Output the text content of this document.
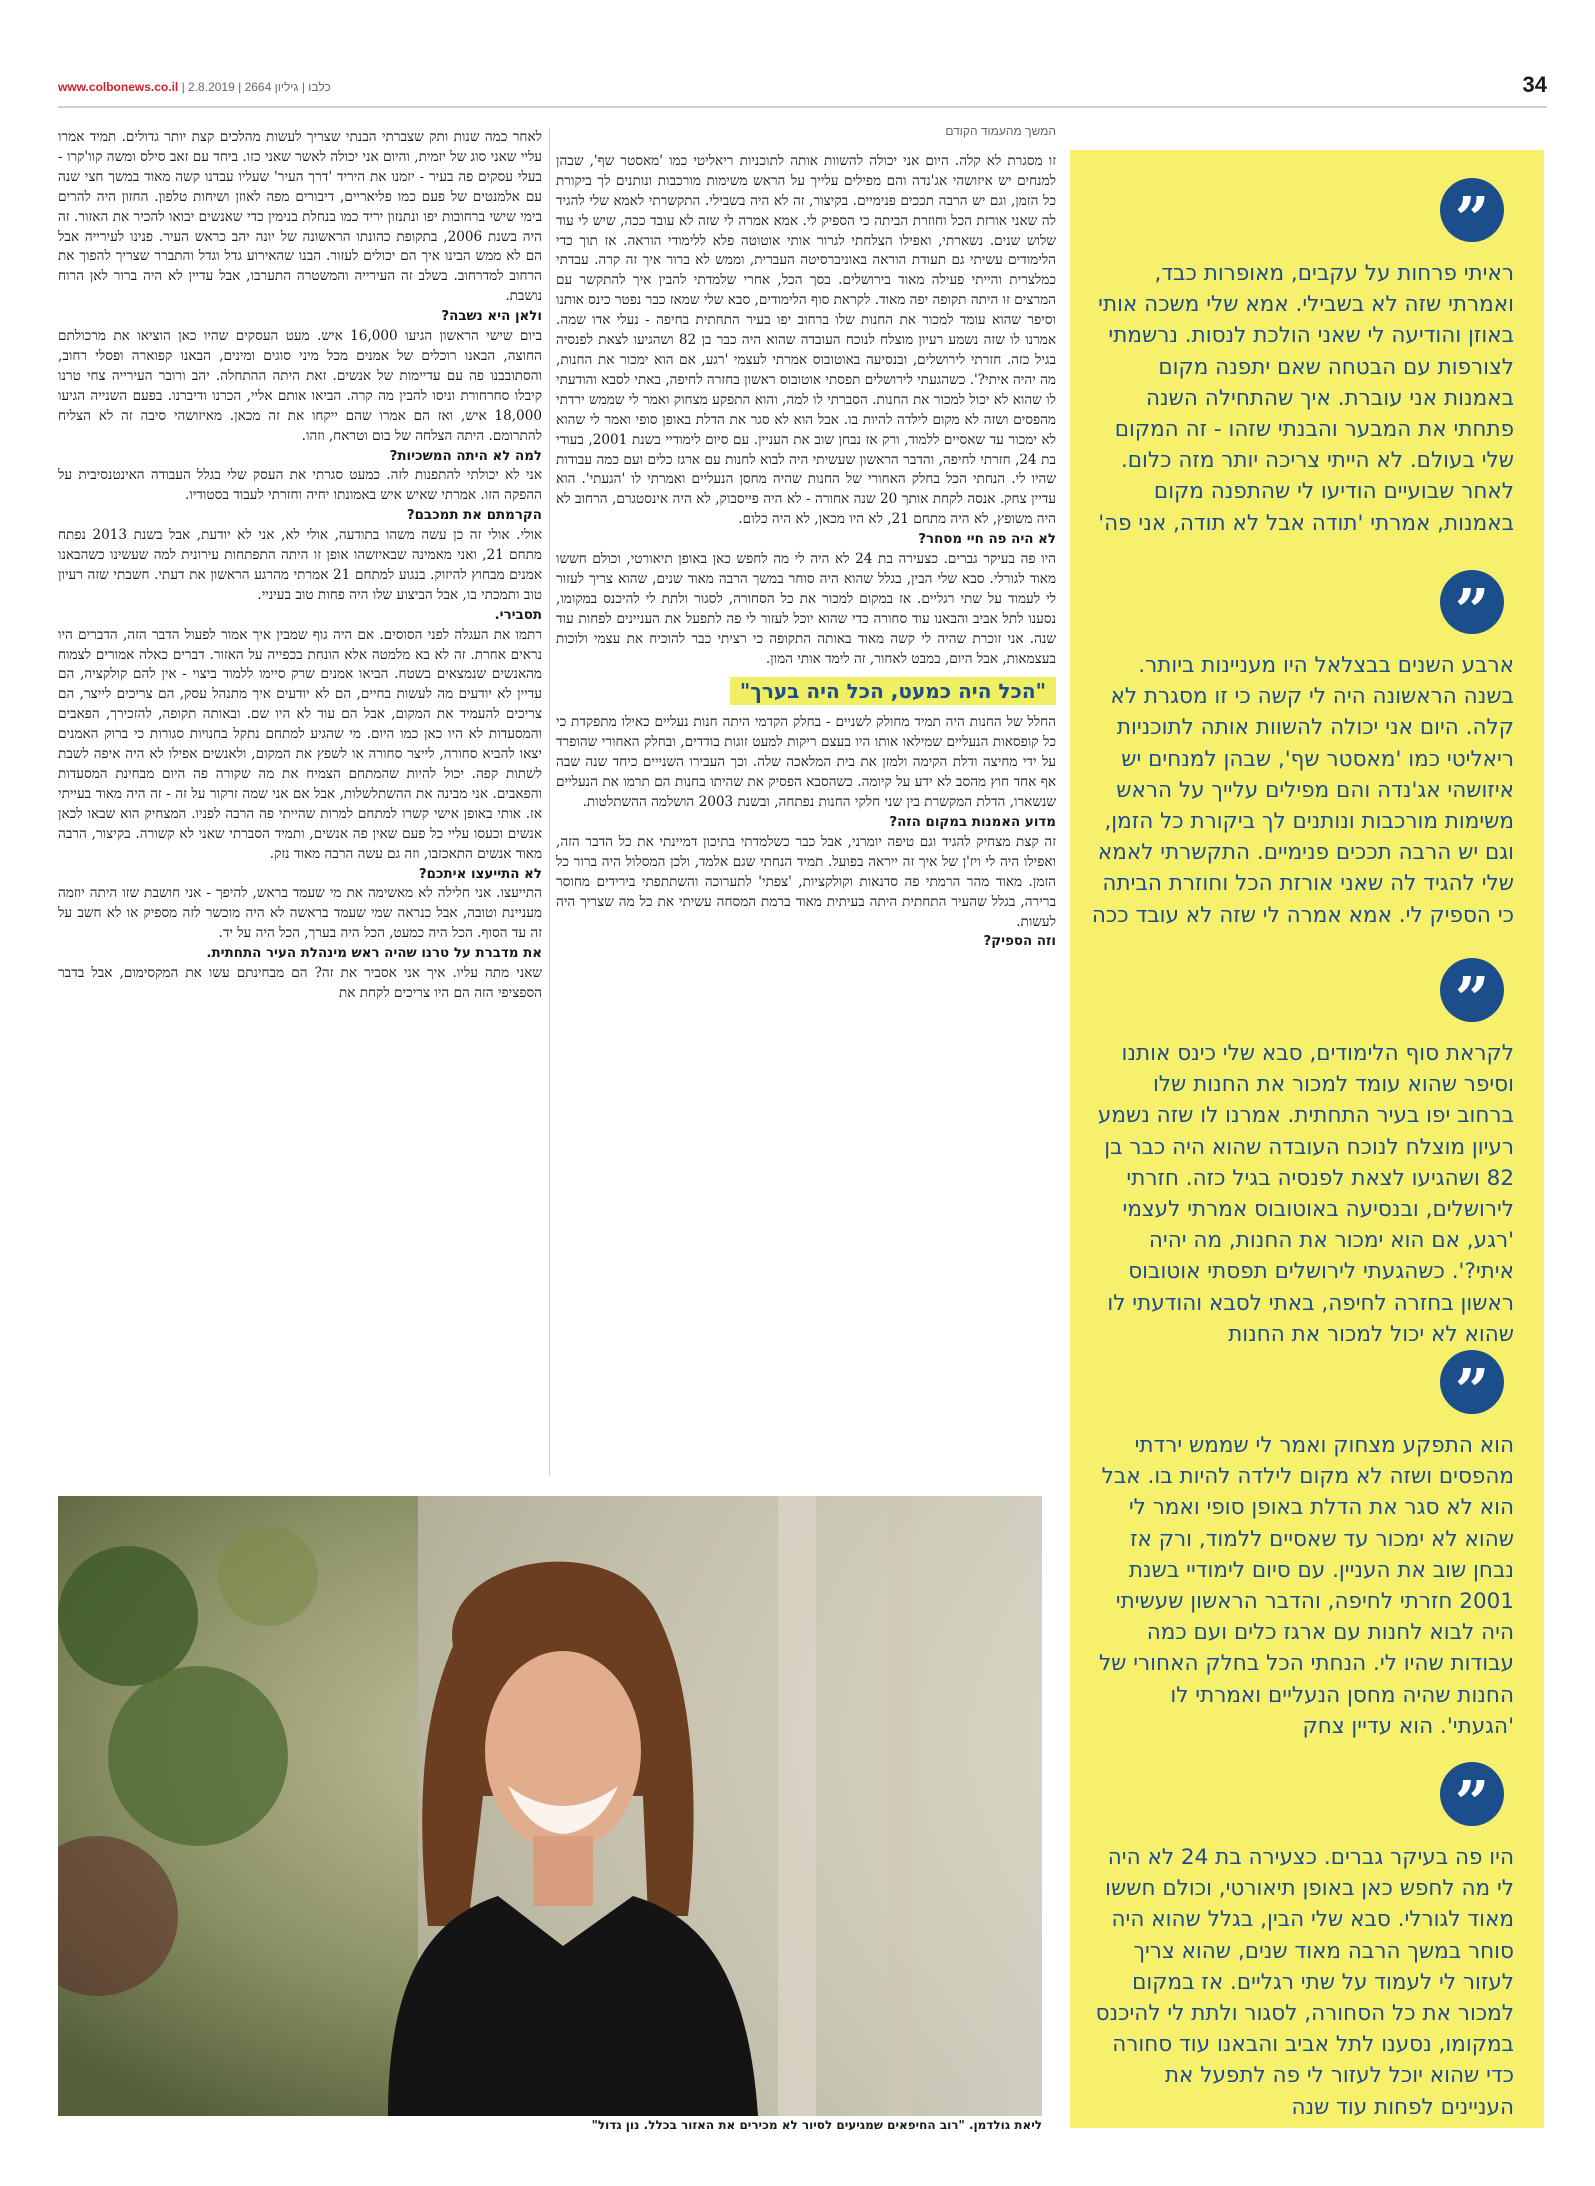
www.colbonews.co.il | כלבו | גיליון 2664 | 2.8.2019	34

המשך מהעמוד הקודם

זו מסגרת לא קלה. היום אני יכולה להשוות אותה לתוכניות ריאליטי כמו 'מאסטר שף', שבהן למנחים יש איזושהי אג'נדה והם מפילים עלייך על הראש משימות מורכבות ונותנים לך ביקורת כל הזמן, וגם יש הרבה תככים פנימיים. בקיצור, זה לא היה בשבילי. התקשרתי לאמא שלי להגיד לה שאני אורזת הכל וחוזרת הביתה כי הספיק לי. אמא אמרה לי שזה לא עובד ככה, שיש לי עוד שלוש שנים. נשארתי, ואפילו הצלחתי לגרור אותי אוטוטה פלא ללימודי הוראה. אז תוך כדי הלימודים עשיתי גם תעודת הוראה באוניברסיטה העברית, וממש לא ברור איך זה קרה. עבדתי כמלצרית והייתי פעילה מאוד בירושלים. בסך הכל, אחרי שלמדתי להבין איך להתקשר עם המרצים זו היתה תקופה יפה מאוד. לקראת סוף הלימודים, סבא שלי שמאז כבר נפטר כינס אותנו וסיפר שהוא עומד למכור את החנות שלו ברחוב יפו בעיר התחתית בחיפה - נעלי אדו שמה. אמרנו לו שזה נשמע רעיון מוצלח לנוכח העובדה שהוא היה כבר בן 82 ושהגיעו לצאת לפנסיה בגיל כזה. חזרתי לירושלים, ובנסיעה באוטובוס אמרתי לעצמי 'רגע, אם הוא ימכור את החנות, מה יהיה איתי?'. כשהגעתי לירושלים תפסתי אוטובוס ראשון בחזרה לחיפה, באתי לסבא והודעתי לו שהוא לא יכול למכור את החנות. הסברתי לו למה, והוא התפקע מצחוק ואמר לי שממש ירדתי מהפסים ושזה לא מקום לילדה להיות בו. אבל הוא לא סגר את הדלת באופן סופי ואמר לי שהוא לא ימכור עד שאסיים ללמוד, ורק אז נבחן שוב את העניין. עם סיום לימודיי בשנת 2001, בעודי בת 24, חזרתי לחיפה, והדבר הראשון שעשיתי היה לבוא לחנות עם ארגז כלים ועם כמה עבודות שהיו לי. הנחתי הכל בחלק האחורי של החנות שהיה מחסן הנעליים ואמרתי לו 'הגעתי'. הוא עדיין צחק. אנסה לקחת אותך 20 שנה אחורה - לא היה פייסבוק, לא היה אינסטגרם, הרחוב לא היה משופץ, לא היה מתחם 21, לא היו מכאן, לא היה כלום.

לא היה פה חיי מסחר?

היו פה בעיקר גברים. כצעירה בת 24 לא היה לי מה לחפש כאן באופן תיאורטי, וכולם חששו מאוד לגורלי. סבא שלי הבין, בגלל שהוא היה סוחר במשך הרבה מאוד שנים, שהוא צריך לעזור לי לעמוד על שתי רגליים. אז במקום למכור את כל הסחורה, לסגור ולתת לי להיכנס במקומו, נסענו לתל אביב והבאנו עוד סחורה כדי שהוא יוכל לעזור לי פה לתפעל את העניינים לפחות עוד שנה. אני זוכרת שהיה לי קשה מאוד באותה התקופה כי רציתי כבר להוכיח את עצמי ולוכות בעצמאות, אבל היום, במבט לאחור, זה לימד אותי המון.

"הכל היה כמעט, הכל היה בערך"

החלל של החנות היה תמיד מחולק לשניים - בחלק הקדמי היתה חנות נעליים כאילו מתפקדת כי כל קופסאות הנעליים שמילאו אותו היו בעצם ריקות למעט זוגות בודדים, ובחלק האחורי שהופרד על ידי מחיצה ודלת הקימה ולמזן את בית המלאכה שלה. וכך העבירו השנייים כיחד שנה שבה אף אחד חוץ מהסב לא ידע על קיומה. כשהסבא הפסיק את שהיתו בחנות הם תרמו את הנעליים שנשארו, הדלת המקשרת בין שני חלקי החנות נפתחה, ובשנת 2003 הושלמה ההשתלטות.

מדוע האמנות במקום הזה?

זה קצת מצחיק להגיד וגם טיפה יומרני, אבל כבר כשלמדתי בתיכון דמיינתי את כל הדבר הזה, ואפילו היה לי ויז'ן של איך זה ייראה בפועל. תמיד הנחתי שגם אלמד, ולכן המסלול היה ברור כל הזמן. מאוד מהר הרמתי פה סדנאות וקולקציות, 'צפתי' לתערוכה והשתתפתי בירידים מחוסר ברירה, בגלל שהעיר התחתית היתה בעיתית מאוד ברמת המסחה עשיתי את כל מה שצריך היה לעשות.

וזה הספיק?

לאחר כמה שנות ותק שצברתי הבנתי שצריך לעשות מהלכים קצת יותר גדולים. תמיד אמרו עליי שאני סוג של יזמית, והיום אני יכולה לאשר שאני כזו. ביחד עם זאב סילס ומשה קוו'קרו - בעלי עסקים פה בעיר - יזמנו את היריד 'דרך העיר' שעליו עבדנו קשה מאוד במשך חצי שנה עם אלמנטים של פעם כמו פליאריים, דיבורים מפה לאוזן ושיחות טלפון. החזון היה להרים בימי שישי ברחובות יפו ונתנזון יריד כמו בנחלת בנימין כדי שאנשים יבואו להכיר את האזור. זה היה בשנת 2006, בתקופת כהונתו הראשונה של יונה יהב כראש העיר. פנינו לעירייה אבל הם לא ממש הבינו איך הם יכולים לעזור. הבנו שהאירוע גדל וגדל והתברר שצריך להפוך את הרחוב למדרחוב. בשלב זה העירייה והמשטרה התערבו, אבל עדיין לא היה ברור לאן הרוח נושבת.

ולאן היא נשבה?

ביום שישי הראשון הגיעו 16,000 איש. מעט העסקים שהיו כאן הוציאו את מרכולתם החוצה, הבאנו רוכלים של אמנים מכל מיני סוגים ומינים, הבאנו קפוארה ופסלי רחוב, והסתובבנו פה עם עדיימות של אנשים. זאת היתה ההתחלה. יהב ורובר העירייה צחי טרנו קיבלו סחרחורת וניסו להבין מה קרה. הביאו אותם אליי, הכרנו ודיברנו. בפעם השנייה הגיעו 18,000 איש, ואז הם אמרו שהם ייקחו את זה מכאן. מאיזושהי סיבה זה לא הצליח להתרומם. היתה הצלחה של בום וטראח, וזהו.

למה לא היתה המשכיות?

אני לא יכולתי להתפנות לזה. כמעט סגרתי את העסק שלי בגלל העבודה האינטנסיבית על ההפקה הזו. אמרתי שאיש איש באמונתו יחיה וחזרתי לעבוד בסטודיו.

הקרמתם את תמכבם?

אולי. אולי זה כן עשה משהו בתודעה, אולי לא, אני לא יודעת, אבל בשנת 2013 נפתח מתחם 21, ואני מאמינה שבאיזשהו אופן זו היתה התפתחות עירונית למה שעשינו כשהבאנו אמנים מבחוץ להיזוק. בנגוע למתחם 21 אמרתי מהרגע הראשון את דעתי. חשבתי שזה רעיון טוב ותמכתי בו, אבל הביצוע שלו היה פחות טוב בעיניי.

תסבירי.

רתמו את העגלה לפני הסוסים. אם היה גוף שמבין איך אמור לפעול הדבר הזה, הדברים היו נראים אחרת. זה לא בא מלמטה אלא הונחת בכפייה על האזור. דברים כאלה אמורים לצמוח מהאנשים שנמצאים בשטח. הביאו אמנים שרק סיימו ללמוד ביצוי - אין להם קולקציה, הם עדיין לא יודעים מה לעשות בחיים, הם לא יודעים איך מתנהל עסק, הם צריכים לייצר, הם צריכים להעמיד את המקום, אבל הם עוד לא היו שם. ובאותה תקופה, להזכירך, הפאבים והמסעדות לא היו כאן כמו היום. מי שהגיע למתחם נתקל בחנויות סגורות כי ברוק האמנים יצאו להביא סחורה, לייצר סחורה או לשפץ את המקום, ולאנשים אפילו לא היה איפה לשבת לשתות קפה. יכול להיות שהמתחם הצמיח את מה שקורה פה היום מבחינת המסעדות והפאבים. אני מבינה את ההשתלשלות, אבל אם אני שמה זרקור על זה - זה היה מאוד בעייתי אז. אותי באופן אישי קשרו למתחם למרות שהייתי פה הרבה לפניו. המצחיק הוא שבאו לכאן אנשים וכעסו עליי כל פעם שאין פה אנשים, ותמיד הסברתי שאני לא קשורה. בקיצור, הרבה מאוד אנשים התאכזבו, וזה גם עשה הרבה מאוד נזק.

לא התייעצו איתכם?

התייעצו. אני חלילה לא מאשימה את מי שעמד בראש, להיפך - אני חושבת שזו היתה יוזמה מעניינת וטובה, אבל כנראה שמי שעמד בראשה לא היה מוכשר לזה מספיק או לא חשב על זה עד הסוף. הכל היה כמעט, הכל היה בערך, הכל היה על יד.

את מדברת על טרנו שהיה ראש מינהלת העיר התחתית.

שאני מתה עליו. איך אני אסביר את זה? הם מבחינתם עשו את המקסימום, אבל בדבר הספציפי הזה הם היו צריכים לקחת את

”
ראיתי פרחות על עקבים, מאופרות כבד, ואמרתי שזה לא בשבילי. אמא שלי משכה אותי באוזן והודיעה לי שאני הולכת לנסות. נרשמתי לצורפות עם הבטחה שאם יתפנה מקום באמנות אני עוברת. איך שהתחילה השנה פתחתי את המבער והבנתי שזהו - זה המקום שלי בעולם. לא הייתי צריכה יותר מזה כלום. לאחר שבועיים הודיעו לי שהתפנה מקום באמנות, אמרתי 'תודה אבל לא תודה, אני פה'
”
ארבע השנים בבצלאל היו מעניינות ביותר. בשנה הראשונה היה לי קשה כי זו מסגרת לא קלה. היום אני יכולה להשוות אותה לתוכניות ריאליטי כמו 'מאסטר שף', שבהן למנחים יש איזושהי אג'נדה והם מפילים עלייך על הראש משימות מורכבות ונותנים לך ביקורת כל הזמן, וגם יש הרבה תככים פנימיים. התקשרתי לאמא שלי להגיד לה שאני אורזת הכל וחוזרת הביתה כי הספיק לי. אמא אמרה לי שזה לא עובד ככה
”
לקראת סוף הלימודים, סבא שלי כינס אותנו וסיפר שהוא עומד למכור את החנות שלו ברחוב יפו בעיר התחתית. אמרנו לו שזה נשמע רעיון מוצלח לנוכח העובדה שהוא היה כבר בן 82 ושהגיעו לצאת לפנסיה בגיל כזה. חזרתי לירושלים, ובנסיעה באוטובוס אמרתי לעצמי 'רגע, אם הוא ימכור את החנות, מה יהיה איתי?'. כשהגעתי לירושלים תפסתי אוטובוס ראשון בחזרה לחיפה, באתי לסבא והודעתי לו שהוא לא יכול למכור את החנות
”
הוא התפקע מצחוק ואמר לי שממש ירדתי מהפסים ושזה לא מקום לילדה להיות בו. אבל הוא לא סגר את הדלת באופן סופי ואמר לי שהוא לא ימכור עד שאסיים ללמוד, ורק אז נבחן שוב את העניין. עם סיום לימודיי בשנת 2001 חזרתי לחיפה, והדבר הראשון שעשיתי היה לבוא לחנות עם ארגז כלים ועם כמה עבודות שהיו לי. הנחתי הכל בחלק האחורי של החנות שהיה מחסן הנעליים ואמרתי לו 'הגעתי'. הוא עדיין צחק
”
היו פה בעיקר גברים. כצעירה בת 24 לא היה לי מה לחפש כאן באופן תיאורטי, וכולם חששו מאוד לגורלי. סבא שלי הבין, בגלל שהוא היה סוחר במשך הרבה מאוד שנים, שהוא צריך לעזור לי לעמוד על שתי רגליים. אז במקום למכור את כל הסחורה, לסגור ולתת לי להיכנס במקומו, נסענו לתל אביב והבאנו עוד סחורה כדי שהוא יוכל לעזור לי פה לתפעל את העניינים לפחות עוד שנה
ליאת גולדמן. "רוב החיפאים שמגיעים לסיור לא מכירים את האזור בכלל. נון גדול"
